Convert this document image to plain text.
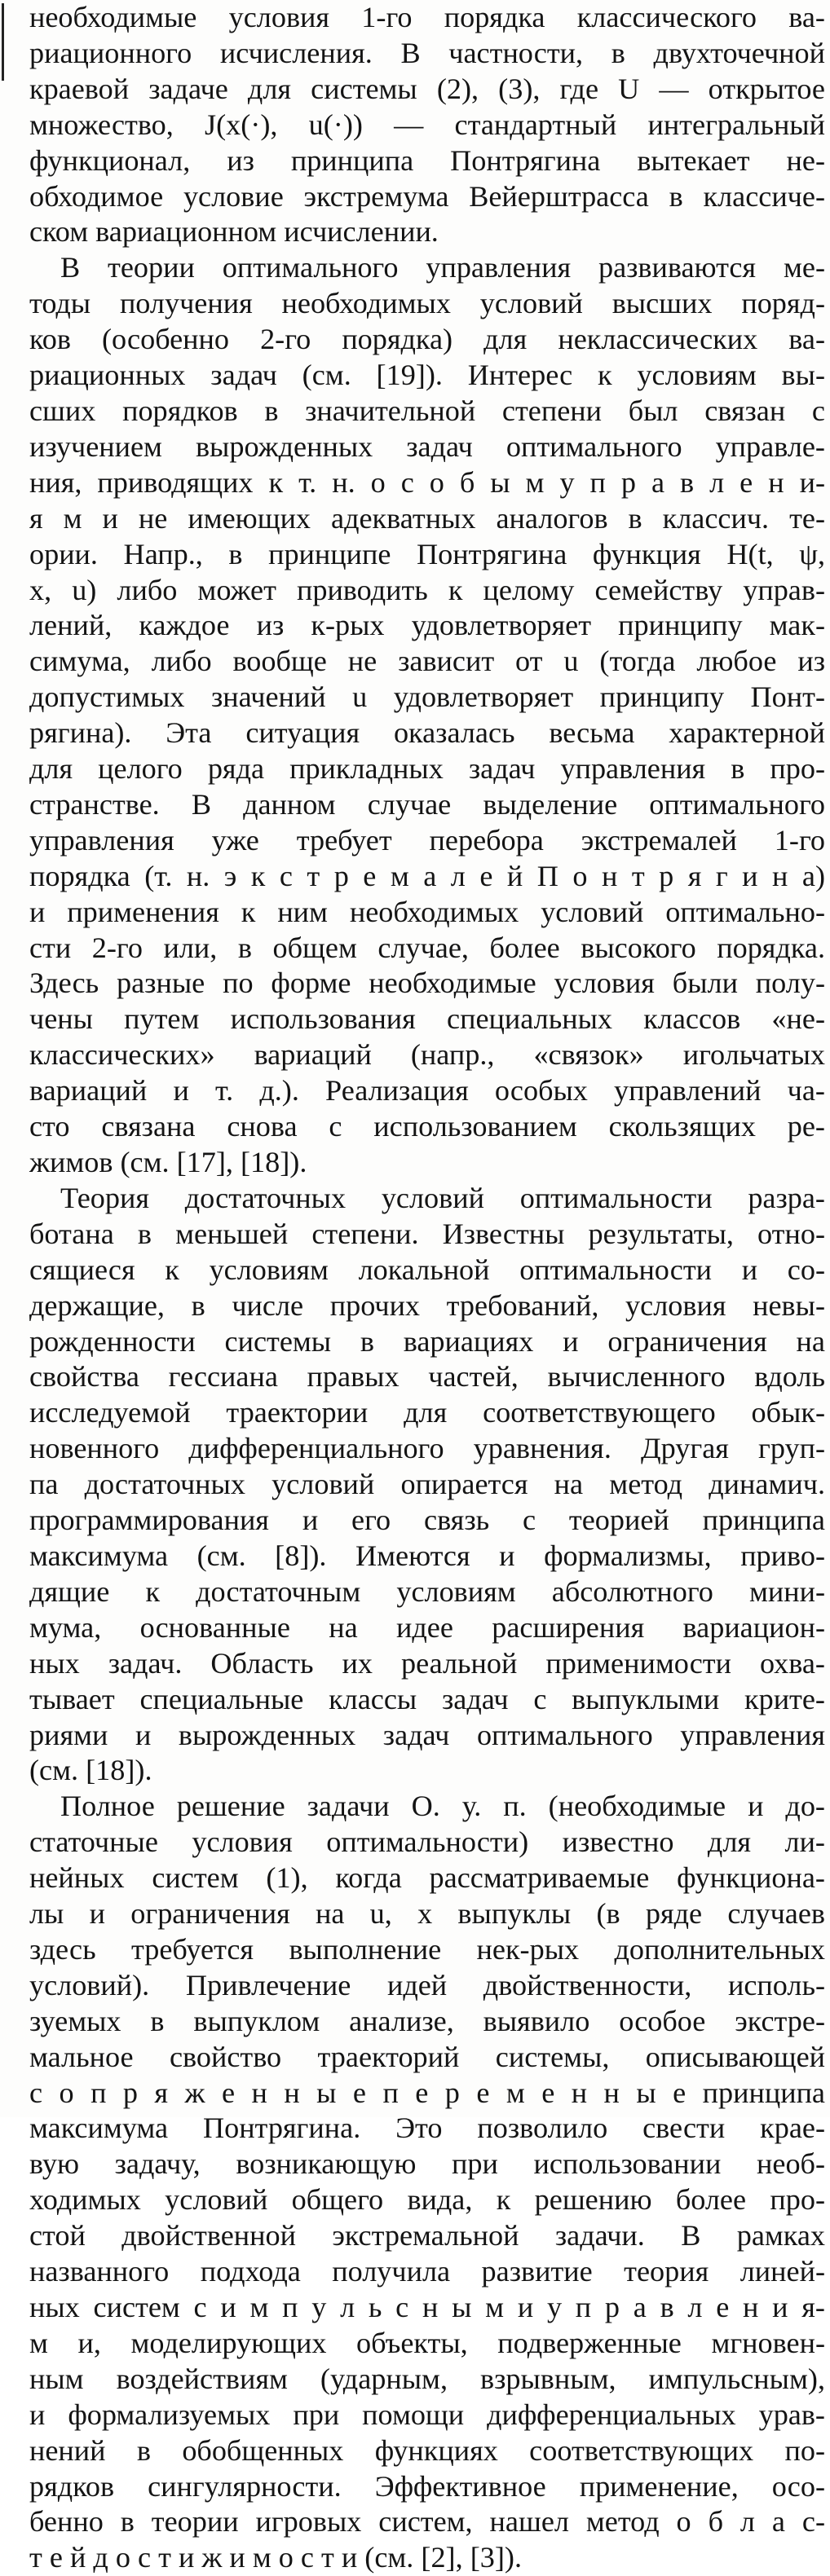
необходимые условия 1-го порядка классического ва-
риационного исчисления. В частности, в двухточечной
краевой задаче для системы (2), (3), где U — открытое
множество, J(x(·), u(·)) — стандартный интегральный
функционал, из принципа Понтрягина вытекает не-
обходимое условие экстремума Вейерштрасса в классиче-
ском вариационном исчислении.
В теории оптимального управления развиваются ме-
тоды получения необходимых условий высших поряд-
ков (особенно 2-го порядка) для неклассических ва-
риационных задач (см. [19]). Интерес к условиям вы-
сших порядков в значительной степени был связан с
изучением вырожденных задач оптимального управле-
ния, приводящих к т. н. о с о б ы м у п р а в л е н и-
я м и не имеющих адекватных аналогов в классич. те-
ории. Напр., в принципе Понтрягина функция H(t, ψ,
x, u) либо может приводить к целому семейству управ-
лений, каждое из к-рых удовлетворяет принципу мак-
симума, либо вообще не зависит от u (тогда любое из
допустимых значений u удовлетворяет принципу Понт-
рягина). Эта ситуация оказалась весьма характерной
для целого ряда прикладных задач управления в про-
странстве. В данном случае выделение оптимального
управления уже требует перебора экстремалей 1-го
порядка (т. н. э к с т р е м а л е й П о н т р я г и н а)
и применения к ним необходимых условий оптимально-
сти 2-го или, в общем случае, более высокого порядка.
Здесь разные по форме необходимые условия были полу-
чены путем использования специальных классов «не-
классических» вариаций (напр., «связок» игольчатых
вариаций и т. д.). Реализация особых управлений ча-
сто связана снова с использованием скользящих ре-
жимов (см. [17], [18]).
Теория достаточных условий оптимальности разра-
ботана в меньшей степени. Известны результаты, отно-
сящиеся к условиям локальной оптимальности и со-
держащие, в числе прочих требований, условия невы-
рожденности системы в вариациях и ограничения на
свойства гессиана правых частей, вычисленного вдоль
исследуемой траектории для соответствующего обык-
новенного дифференциального уравнения. Другая груп-
па достаточных условий опирается на метод динамич.
программирования и его связь с теорией принципа
максимума (см. [8]). Имеются и формализмы, приво-
дящие к достаточным условиям абсолютного мини-
мума, основанные на идее расширения вариацион-
ных задач. Область их реальной применимости охва-
тывает специальные классы задач с выпуклыми крите-
риями и вырожденных задач оптимального управления
(см. [18]).
Полное решение задачи О. у. п. (необходимые и до-
статочные условия оптимальности) известно для ли-
нейных систем (1), когда рассматриваемые функциона-
лы и ограничения на u, x выпуклы (в ряде случаев
здесь требуется выполнение нек-рых дополнительных
условий). Привлечение идей двойственности, исполь-
зуемых в выпуклом анализе, выявило особое экстре-
мальное свойство траекторий системы, описывающей
с о п р я ж е н н ы е п е р е м е н н ы е принципа
максимума Понтрягина. Это позволило свести крае-
вую задачу, возникающую при использовании необ-
ходимых условий общего вида, к решению более про-
стой двойственной экстремальной задачи. В рамках
названного подхода получила развитие теория линей-
ных систем с и м п у л ь с н ы м и у п р а в л е н и я-
м и, моделирующих объекты, подверженные мгновен-
ным воздействиям (ударным, взрывным, импульсным),
и формализуемых при помощи дифференциальных урав-
нений в обобщенных функциях соответствующих по-
рядков сингулярности. Эффективное применение, осо-
бенно в теории игровых систем, нашел метод о б л а с-
т е й д о с т и ж и м о с т и (см. [2], [3]).
